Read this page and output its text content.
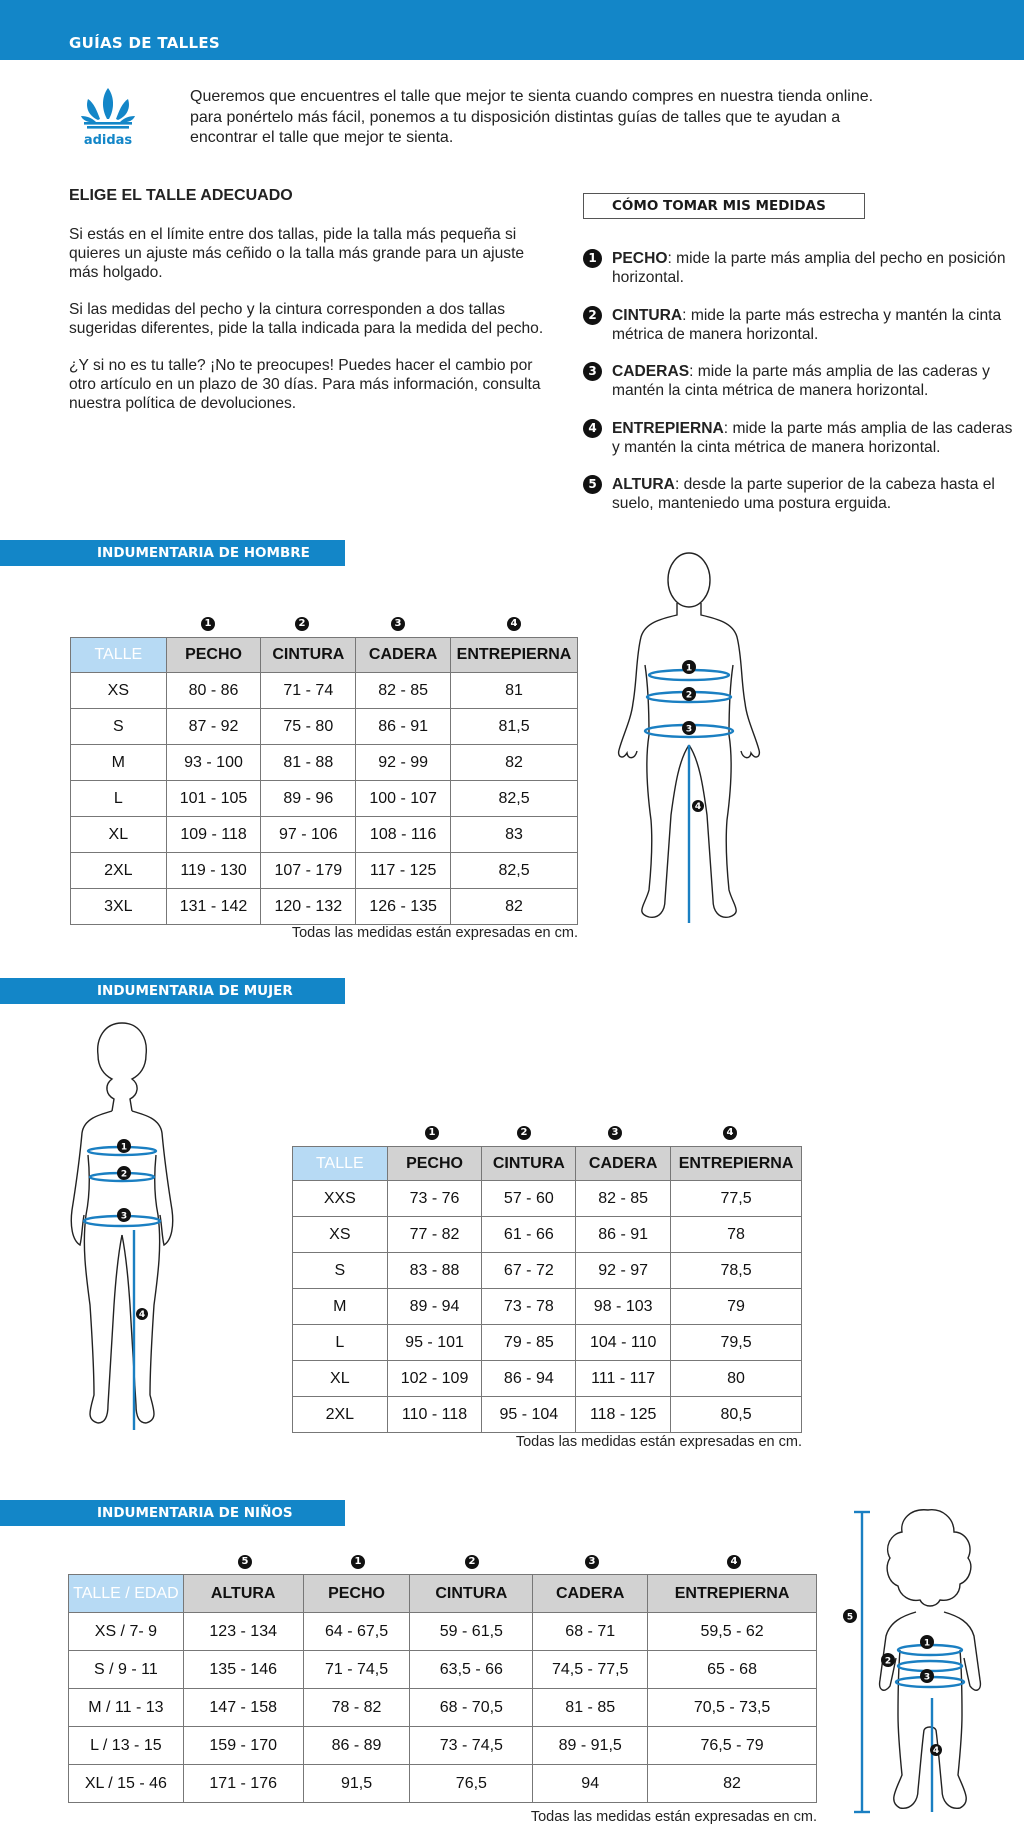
GUÍAS DE TALLES
adidas

Queremos que encuentres el talle que mejor te sienta cuando compres en nuestra tienda online.

para ponértelo más fácil, ponemos a tu disposición distintas guías de talles que te ayudan a

encontrar el talle que mejor te sienta.

ELIGE EL TALLE ADECUADO

Si estás en el límite entre dos tallas, pide la talla más pequeña si quieres un ajuste más ceñido o la talla más grande para un ajuste más holgado.

Si las medidas del pecho y la cintura corresponden a dos tallas sugeridas diferentes, pide la talla indicada para la medida del pecho.

¿Y si no es tu talle? ¡No te preocupes! Puedes hacer el cambio por otro artículo en un plazo de 30 días. Para más información, consulta nuestra política de devoluciones.

CÓMO TOMAR MIS MEDIDAS
1 PECHO: mide la parte más amplia del pecho en posición horizontal.
2 CINTURA: mide la parte más estrecha y mantén la cinta métrica de manera horizontal.
3 CADERAS: mide la parte más amplia de las caderas y mantén la cinta métrica de manera horizontal.
4 ENTREPIERNA: mide la parte más amplia de las caderas y mantén la cinta métrica de manera horizontal.
5 ALTURA: desde la parte superior de la cabeza hasta el suelo, manteniedo uma postura erguida.
INDUMENTARIA DE HOMBRE
1	2	3	4
TALLE	PECHO	CINTURA	CADERA	ENTREPIERNA
XS	80 - 86	71 - 74	82 - 85	81
S	87 - 92	75 - 80	86 - 91	81,5
M	93 - 100	81 - 88	92 - 99	82
L	101 - 105	89 - 96	100 - 107	82,5
XL	109 - 118	97 - 106	108 - 116	83
2XL	119 - 130	107 - 179	117 - 125	82,5
3XL	131 - 142	120 - 132	126 - 135	82
Todas las medidas están expresadas en cm.
1
2
3
4
INDUMENTARIA DE MUJER
1
2
3
4
1	2	3	4
TALLE	PECHO	CINTURA	CADERA	ENTREPIERNA
XXS	73 - 76	57 - 60	82 - 85	77,5
XS	77 - 82	61 - 66	86 - 91	78
S	83 - 88	67 - 72	92 - 97	78,5
M	89 - 94	73 - 78	98 - 103	79
L	95 - 101	79 - 85	104 - 110	79,5
XL	102 - 109	86 - 94	111 - 117	80
2XL	110 - 118	95 - 104	118 - 125	80,5
Todas las medidas están expresadas en cm.
INDUMENTARIA DE NIÑOS
5	1	2	3	4
TALLE / EDAD	ALTURA	PECHO	CINTURA	CADERA	ENTREPIERNA
XS / 7- 9	123 - 134	64 - 67,5	59 - 61,5	68 - 71	59,5 - 62
S / 9 - 11	135 - 146	71 - 74,5	63,5 - 66	74,5 - 77,5	65 - 68
M / 11 - 13	147 - 158	78 - 82	68 - 70,5	81 - 85	70,5 - 73,5
L / 13 - 15	159 - 170	86 - 89	73 - 74,5	89 - 91,5	76,5 - 79
XL / 15 - 46	171 - 176	91,5	76,5	94	82
Todas las medidas están expresadas en cm.
5
1
2
3
4
